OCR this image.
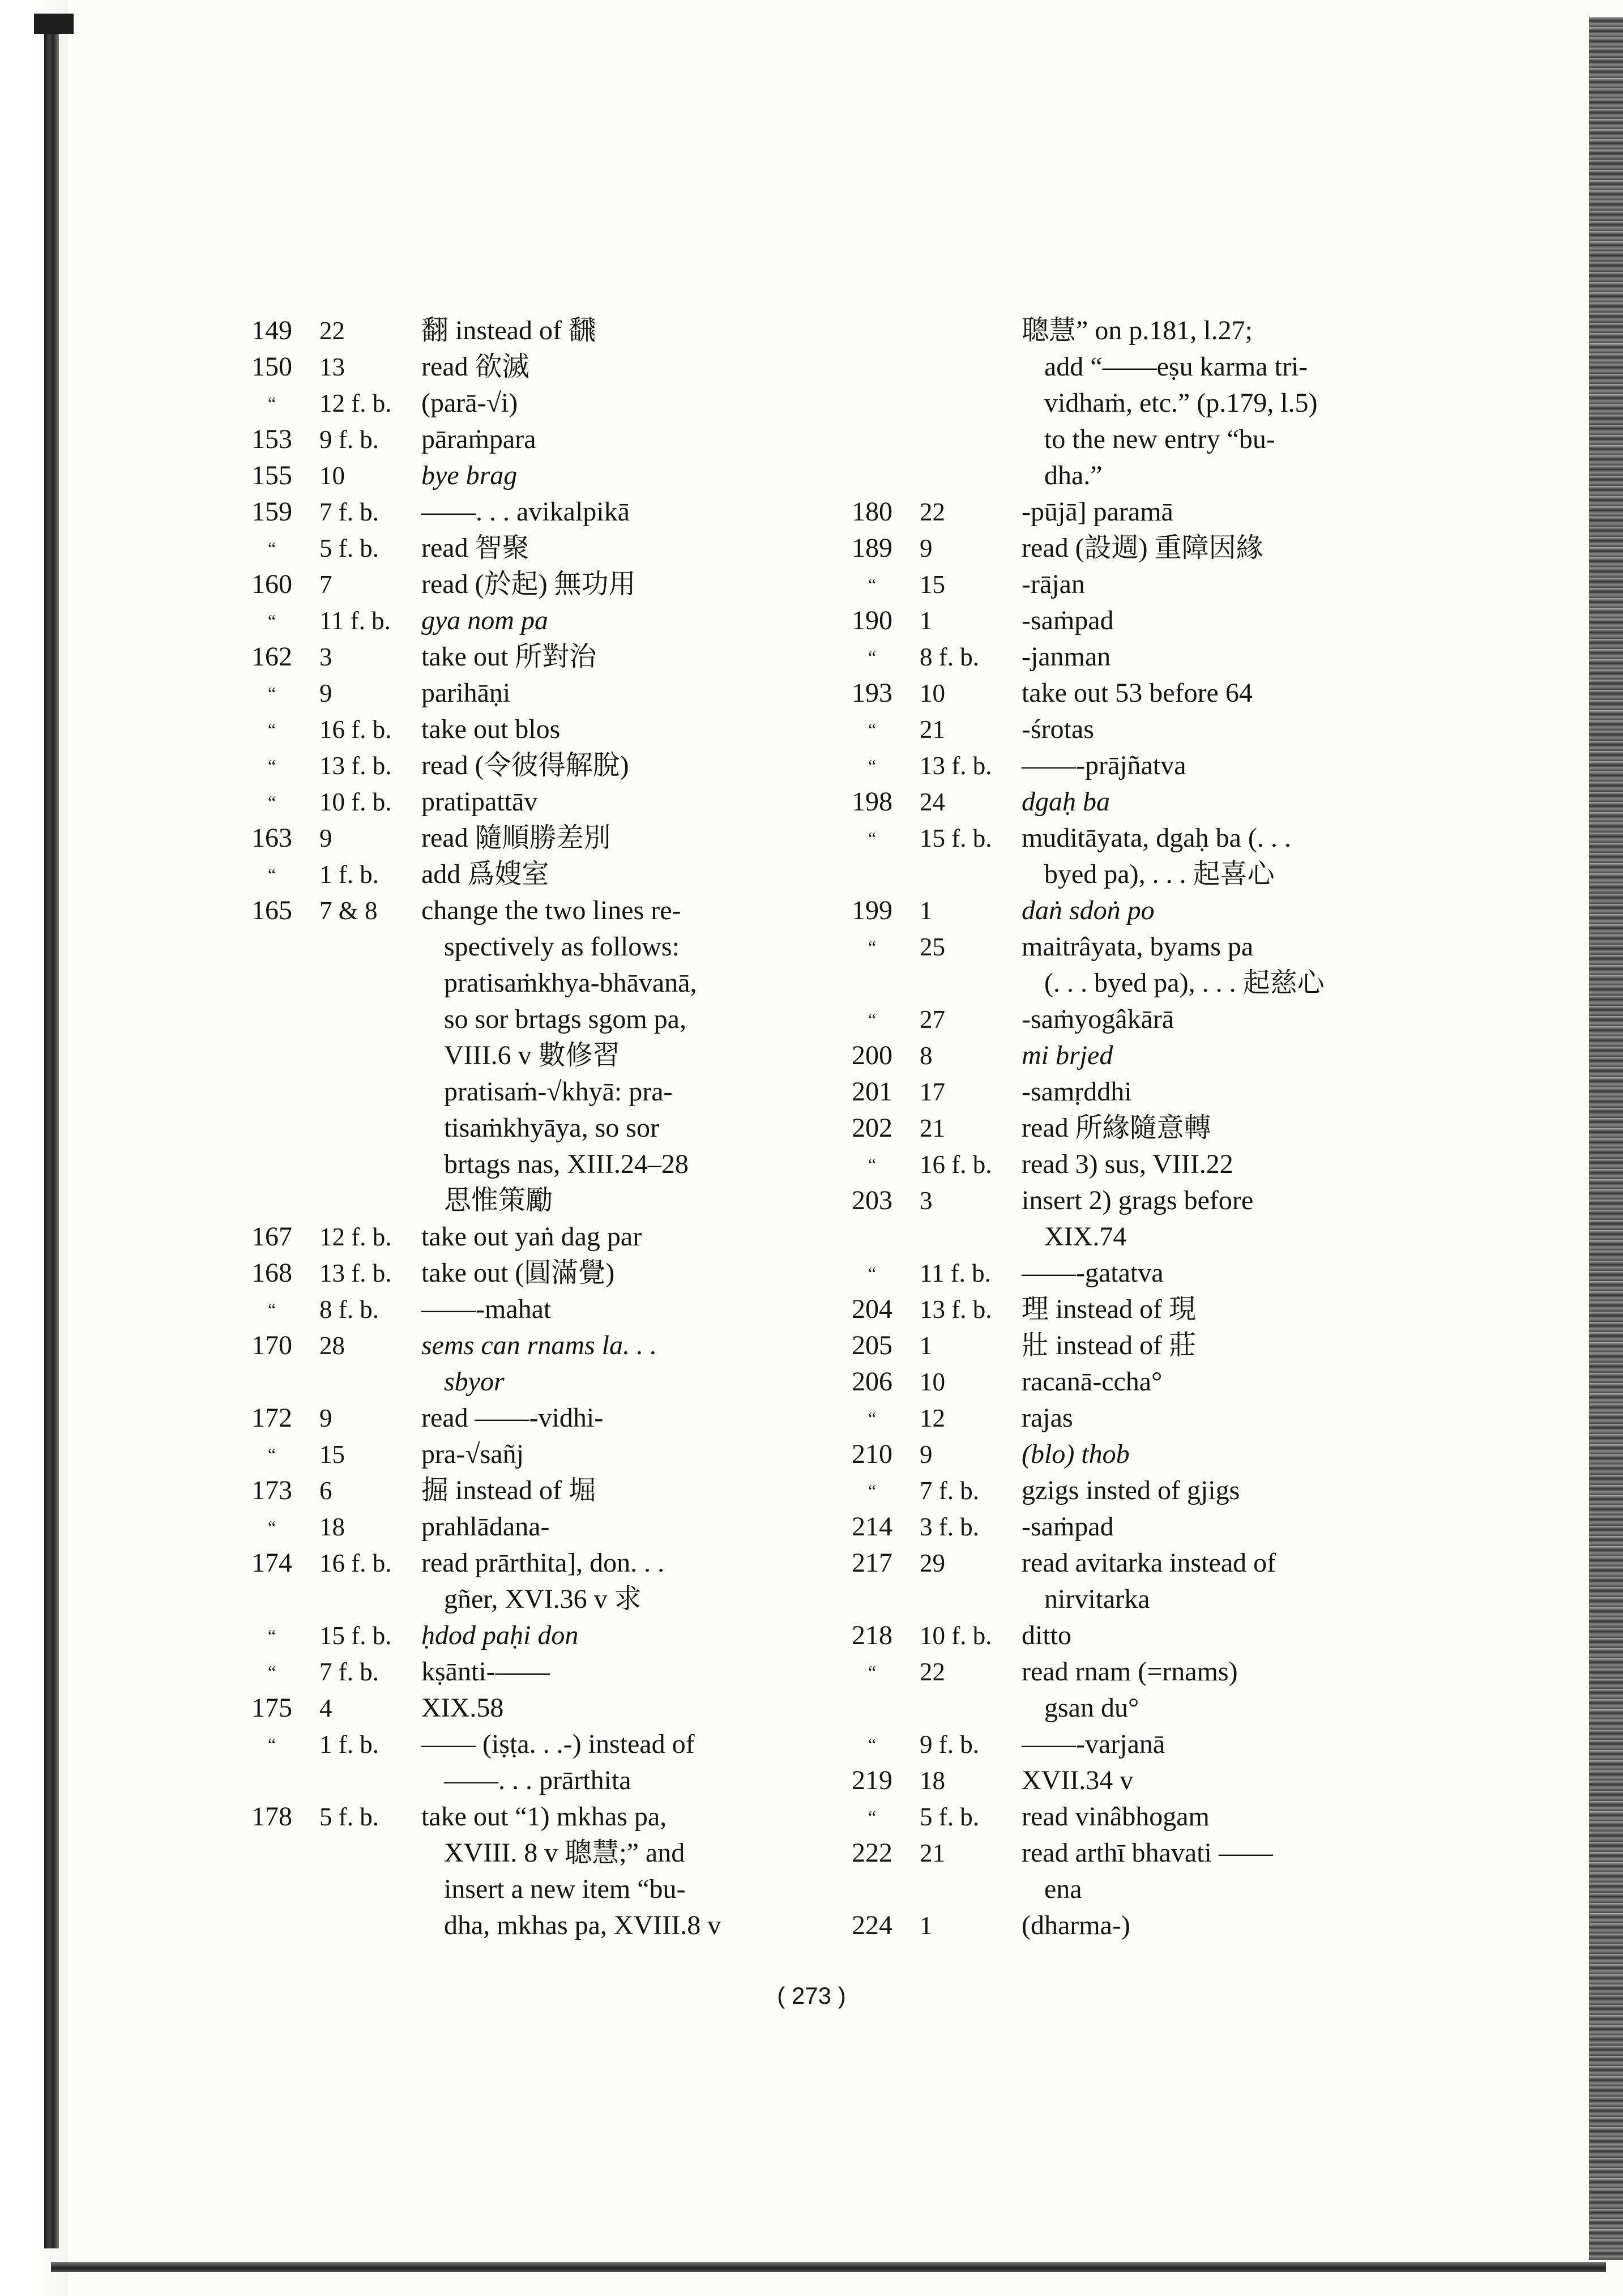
149	22	翻 instead of 飜
150	13	read 欲滅
“	12 f. b.	(parā-√i)
153	9 f. b.	pāraṁpara
155	10	bye brag
159	7 f. b.	——. . . avikalpikā
“	5 f. b.	read 智聚
160	7	read (於起) 無功用
“	11 f. b.	gya nom pa
162	3	take out 所對治
“	9	parihāṇi
“	16 f. b.	take out blos
“	13 f. b.	read (令彼得解脫)
“	10 f. b.	pratipattāv
163	9	read 隨順勝差別
“	1 f. b.	add 爲嫂室
165	7 & 8	change the two lines re-
spectively as follows:
pratisaṁkhya-bhāvanā,
so sor brtags sgom pa,
VIII.6 v 數修習
pratisaṁ-√khyā: pra-
tisaṁkhyāya, so sor
brtags nas, XIII.24–28
思惟策勵
167	12 f. b.	take out yaṅ dag par
168	13 f. b.	take out (圓滿覺)
“	8 f. b.	——-mahat
170	28	sems can rnams la. . .
sbyor
172	9	read ——-vidhi-
“	15	pra-√sañj
173	6	掘 instead of 堀
“	18	prahlādana-
174	16 f. b.	read prārthita], don. . .
gñer, XVI.36 v 求
“	15 f. b.	ḥdod paḥi don
“	7 f. b.	kṣānti-——
175	4	XIX.58
“	1 f. b.	—— (iṣṭa. . .-) instead of
——. . . prārthita
178	5 f. b.	take out “1) mkhas pa,
XVIII. 8 v 聰慧;” and
insert a new item “bu-
dha, mkhas pa, XVIII.8 v
聰慧” on p.181, l.27;
add “——eṣu karma tri-
vidhaṁ, etc.” (p.179, l.5)
to the new entry “bu-
dha.”
180	22	-pūjā] paramā
189	9	read (設週) 重障因緣
“	15	-rājan
190	1	-saṁpad
“	8 f. b.	-janman
193	10	take out 53 before 64
“	21	-śrotas
“	13 f. b.	——-prājñatva
198	24	dgaḥ ba
“	15 f. b.	muditāyata, dgaḥ ba (. . .
byed pa), . . . 起喜心
199	1	daṅ sdoṅ po
“	25	maitrâyata, byams pa
(. . . byed pa), . . . 起慈心
“	27	-saṁyogâkārā
200	8	mi brjed
201	17	-samṛddhi
202	21	read 所緣隨意轉
“	16 f. b.	read 3) sus, VIII.22
203	3	insert 2) grags before
XIX.74
“	11 f. b.	——-gatatva
204	13 f. b.	理 instead of 現
205	1	壯 instead of 莊
206	10	racanā-ccha°
“	12	rajas
210	9	(blo) thob
“	7 f. b.	gzigs insted of gjigs
214	3 f. b.	-saṁpad
217	29	read avitarka instead of
nirvitarka
218	10 f. b.	ditto
“	22	read rnam (=rnams)
gsan du°
“	9 f. b.	——-varjanā
219	18	XVII.34 v
“	5 f. b.	read vinâbhogam
222	21	read arthī bhavati ——
ena
224	1	(dharma-)
( 273 )
